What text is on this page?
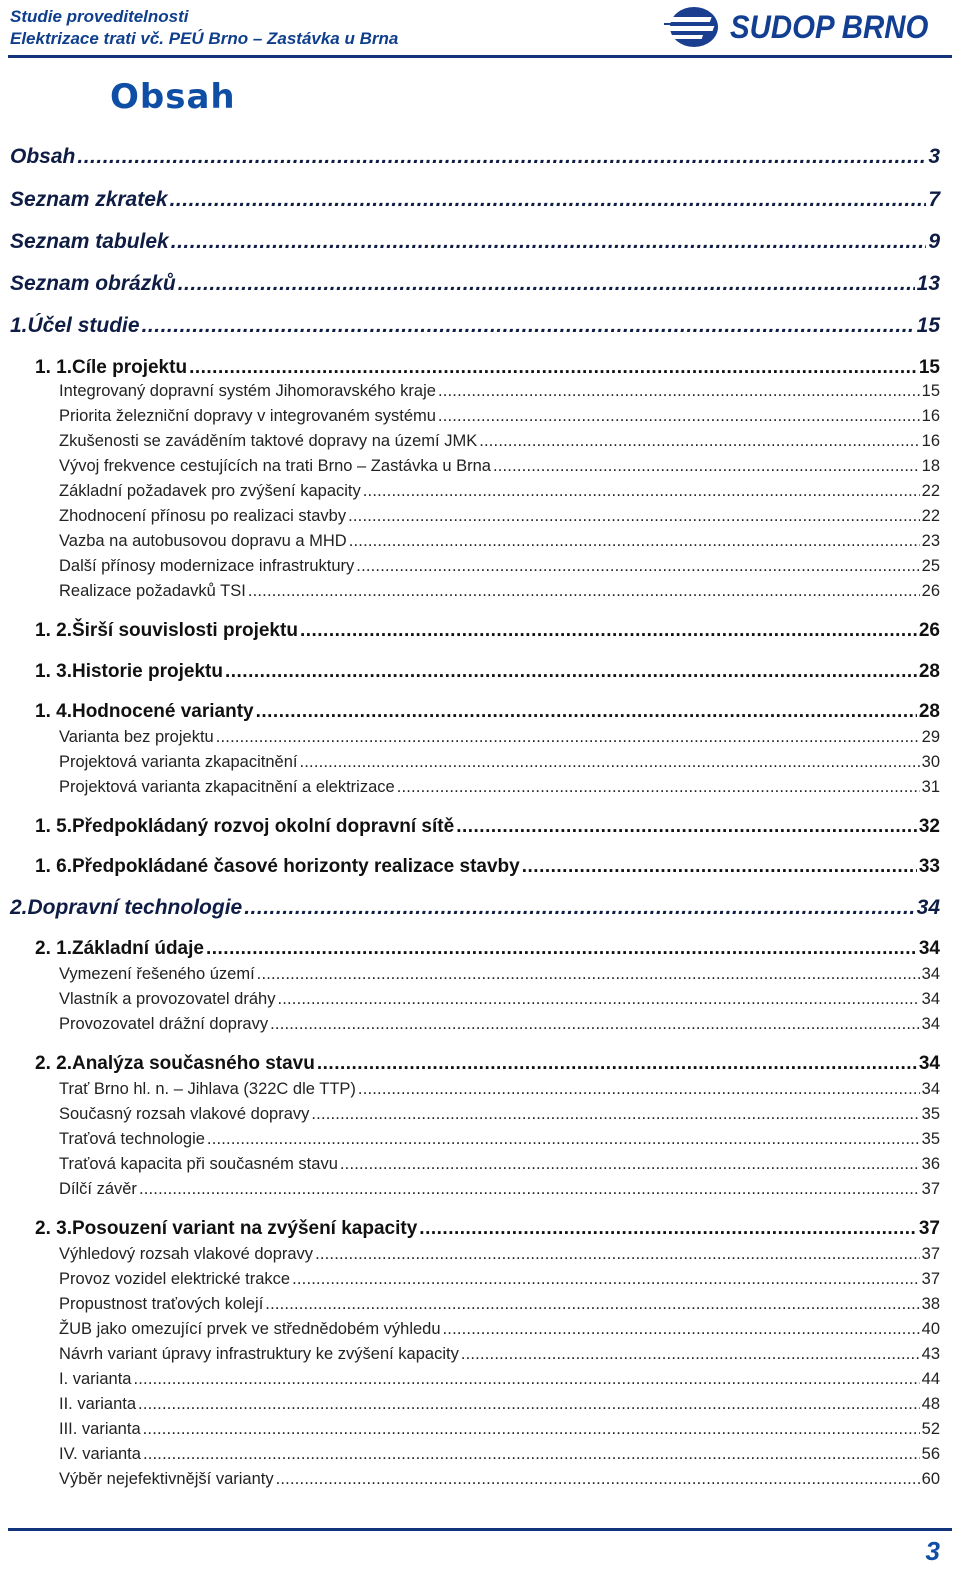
Studie proveditelnosti
Elektrizace trati vč. PEÚ Brno – Zastávka u Brna	SUDOP BRNO
Obsah
Obsah .....	3
Seznam zkratek .....	7
Seznam tabulek .....	9
Seznam obrázků .....	13
1. Účel studie .....	15
1. 1. Cíle projektu .....	15
Integrovaný dopravní systém Jihomoravského kraje .....	15
Priorita železniční dopravy v integrovaném systému .....	16
Zkušenosti se zaváděním taktové dopravy na území JMK .....	16
Vývoj frekvence cestujících na trati Brno – Zastávka u Brna .....	18
Základní požadavek pro zvýšení kapacity .....	22
Zhodnocení přínosu po realizaci stavby .....	22
Vazba na autobusovou dopravu a MHD .....	23
Další přínosy modernizace infrastruktury .....	25
Realizace požadavků TSI .....	26
1. 2. Širší souvislosti projektu .....	26
1. 3. Historie projektu .....	28
1. 4. Hodnocené varianty .....	28
Varianta bez projektu .....	29
Projektová varianta zkapacitnění .....	30
Projektová varianta zkapacitnění a elektrizace .....	31
1. 5. Předpokládaný rozvoj okolní dopravní sítě .....	32
1. 6. Předpokládané časové horizonty realizace stavby .....	33
2. Dopravní technologie .....	34
2. 1. Základní údaje .....	34
Vymezení řešeného území .....	34
Vlastník a provozovatel dráhy .....	34
Provozovatel drážní dopravy .....	34
2. 2. Analýza současného stavu .....	34
Trať Brno hl. n. – Jihlava (322C dle TTP) .....	34
Současný rozsah vlakové dopravy .....	35
Traťová technologie .....	35
Traťová kapacita při současném stavu .....	36
Dílčí závěr .....	37
2. 3. Posouzení variant na zvýšení kapacity .....	37
Výhledový rozsah vlakové dopravy .....	37
Provoz vozidel elektrické trakce .....	37
Propustnost traťových kolejí .....	38
ŽUB jako omezující prvek ve střednědobém výhledu .....	40
Návrh variant úpravy infrastruktury ke zvýšení kapacity .....	43
I. varianta .....	44
II. varianta .....	48
III. varianta .....	52
IV. varianta .....	56
Výběr nejefektivnější varianty .....	60
3
